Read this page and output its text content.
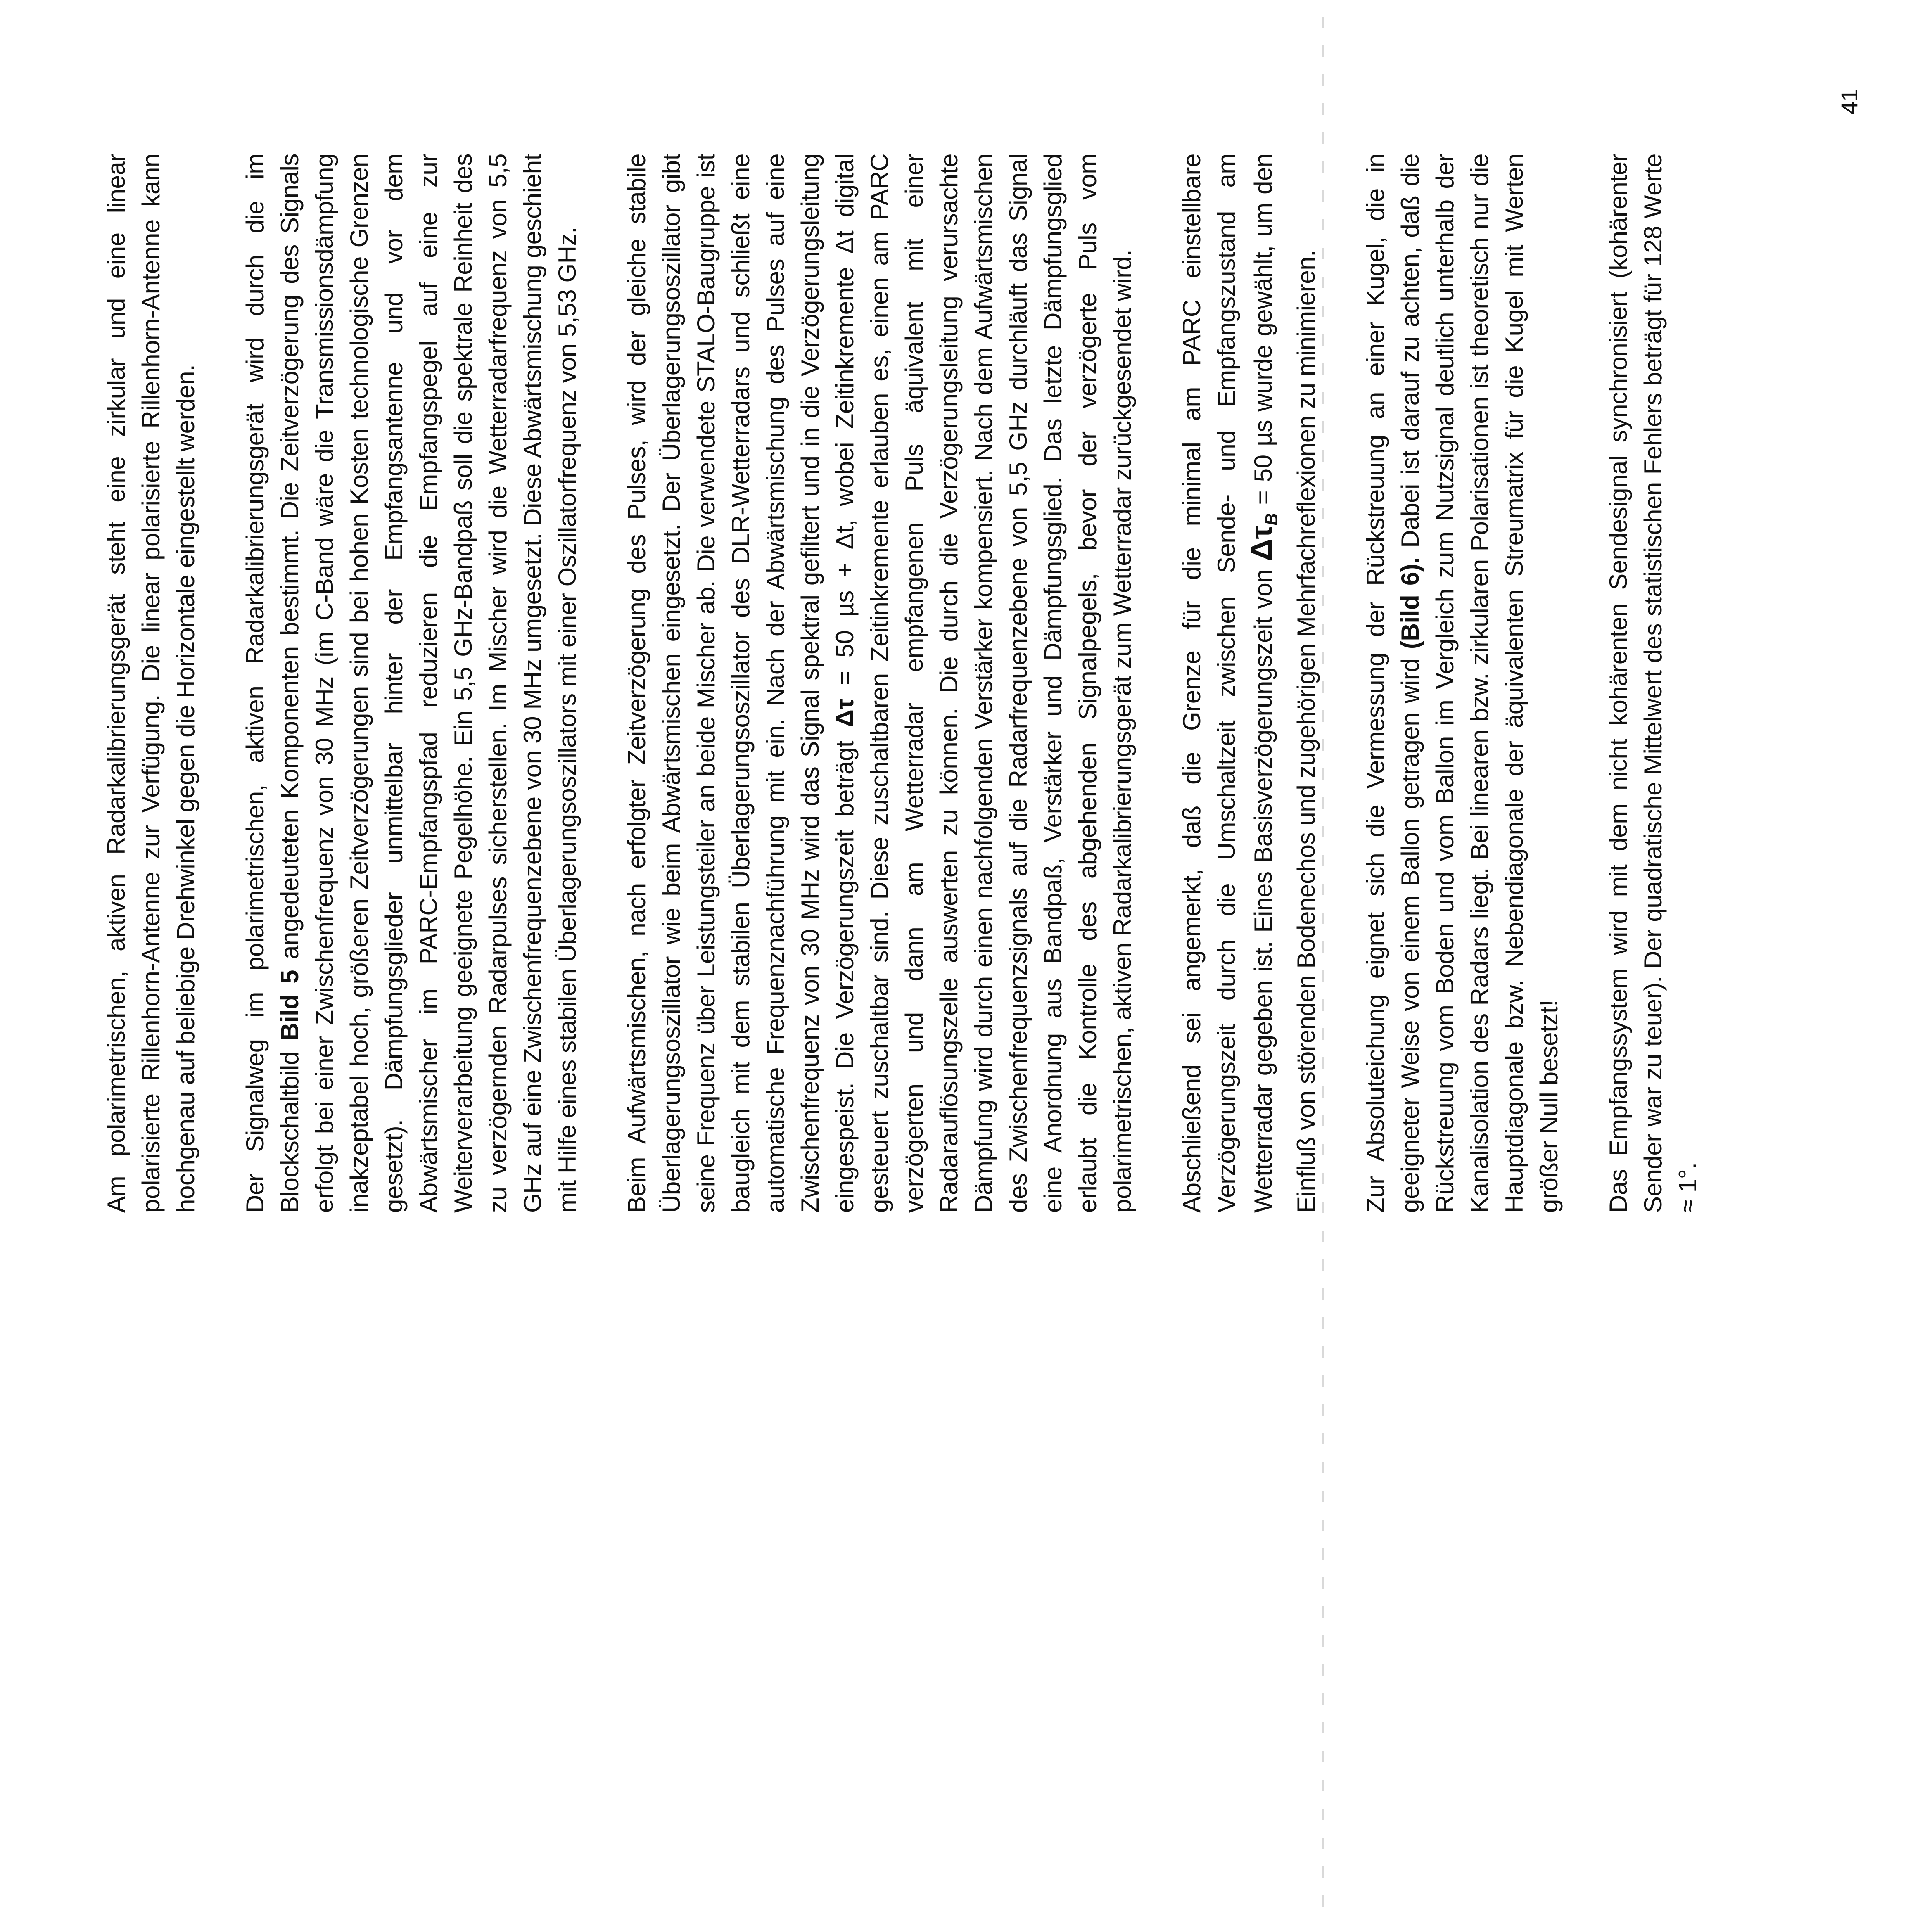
Am polarimetrischen, aktiven Radarkalibrierungsgerät steht eine zirkular und eine linear polarisierte Rillenhorn-Antenne zur Verfügung. Die linear polarisierte Rillenhorn-Antenne kann hochgenau auf beliebige Drehwinkel gegen die Horizontale eingestellt werden. Der Signalweg im polarimetrischen, aktiven Radarkalibrierungsgerät wird durch die im Blockschaltbild Bild 5 angedeuteten Komponenten bestimmt. Die Zeitverzögerung des Signals erfolgt bei einer Zwischenfrequenz von 30 MHz (im C-Band wäre die Transmissionsdämpfung inakzeptabel hoch, größeren Zeitverzögerungen sind bei hohen Kosten technologische Grenzen gesetzt). Dämpfungsglieder unmittelbar hinter der Empfangsantenne und vor dem Abwärtsmischer im PARC-Empfangspfad reduzieren die Empfangspegel auf eine zur Weiterverarbeitung geeignete Pegelhöhe. Ein 5,5 GHz-Bandpaß soll die spektrale Reinheit des zu verzögernden Radarpulses sicherstellen. Im Mischer wird die Wetterradarfrequenz von 5,5 GHz auf eine Zwischenfrequenzebene von 30 MHz umgesetzt. Diese Abwärtsmischung geschieht mit Hilfe eines stabilen Überlagerungsoszillators mit einer Oszillatorfrequenz von 5,53 GHz. Beim Aufwärtsmischen, nach erfolgter Zeitverzögerung des Pulses, wird der gleiche stabile Überlagerungsoszillator wie beim Abwärtsmischen eingesetzt. Der Überlagerungsoszillator gibt seine Frequenz über Leistungsteiler an beide Mischer ab. Die verwendete STALO-Baugruppe ist baugleich mit dem stabilen Überlagerungsoszillator des DLR-Wetterradars und schließt eine automatische Frequenznachführung mit ein. Nach der Abwärtsmischung des Pulses auf eine Zwischenfrequenz von 30 MHz wird das Signal spektral gefiltert und in die Verzögerungsleitung eingespeist. Die Verzögerungszeit beträgt Δτ = 50 µs + Δt, wobei Zeitinkremente Δt digital gesteuert zuschaltbar sind. Diese zuschaltbaren Zeitinkremente erlauben es, einen am PARC verzögerten und dann am Wetterradar empfangenen Puls äquivalent mit einer Radarauflösungszelle auswerten zu können. Die durch die Verzögerungsleitung verursachte Dämpfung wird durch einen nachfolgenden Verstärker kompensiert. Nach dem Aufwärtsmischen des Zwischenfrequenzsignals auf die Radarfrequenzebene von 5,5 GHz durchläuft das Signal eine Anordnung aus Bandpaß, Verstärker und Dämpfungsglied. Das letzte Dämpfungsglied erlaubt die Kontrolle des abgehenden Signalpegels, bevor der verzögerte Puls vom polarimetrischen, aktiven Radarkalibrierungsgerät zum Wetterradar zurückgesendet wird. Abschließend sei angemerkt, daß die Grenze für die minimal am PARC einstellbare Verzögerungszeit durch die Umschaltzeit zwischen Sende- und Empfangszustand am Wetterradar gegeben ist. Eines Basisverzögerungszeit von $\Delta\tau_B = 50$ µs wurde gewählt, um den Einfluß von störenden Bodenechos und zugehörigen Mehrfachreflexionen zu minimieren. Zur Absoluteichung eignet sich die Vermessung der Rückstreuung an einer Kugel, die in geeigneter Weise von einem Ballon getragen wird (Bild 6). Dabei ist darauf zu achten, daß die Rückstreuung vom Boden und vom Ballon im Vergleich zum Nutzsignal deutlich unterhalb der Kanalisolation des Radars liegt. Bei linearen bzw. zirkularen Polarisationen ist theoretisch nur die Hauptdiagonale bzw. Nebendiagonale der äquivalenten Streumatrix für die Kugel mit Werten größer Null besetzt! Das Empfangssystem wird mit dem nicht kohärenten Sendesignal synchronisiert (kohärenter Sender war zu teuer). Der quadratische Mittelwert des statistischen Fehlers beträgt für 128 Werte ≈ 1°.

41
